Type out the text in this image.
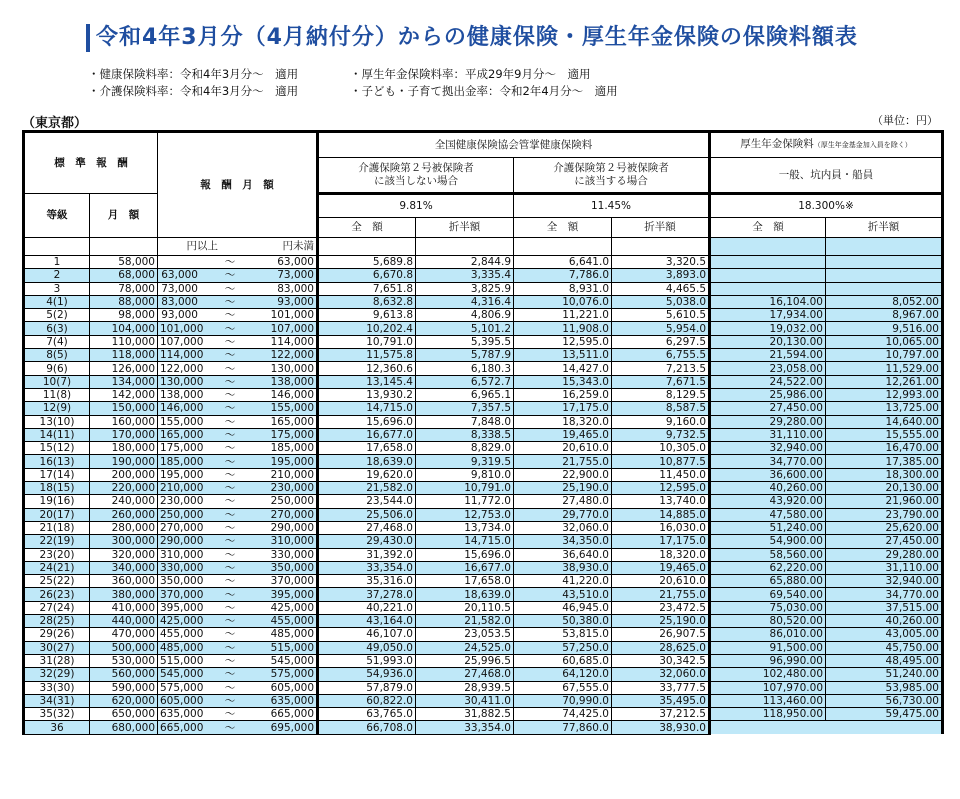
令和4年3月分（4月納付分）からの健康保険・厚生年金保険の保険料額表
・健康保険料率：令和4年3月分～　適用	・厚生年金保険料率：平成29年9月分～　適用
・介護保険料率：令和4年3月分～　適用	・子ども・子育て拠出金率：令和2年4月分～　適用
（東京都）	（単位：円）
標　準　報　酬		報　酬　月　額	全国健康保険協会管掌健康保険料				厚生年金保険料（厚生年金基金加入員を除く）	
			介護保険第２号被保険者
に該当しない場合		介護保険第２号被保険者
に該当する場合		一般、坑内員・船員	
等級	月　額		9.81%		11.45%		18.300%※	
			全　額	折半額	全　額	折半額	全　額	折半額

		円以上 円未満						

1	58,000	～ 63,000	5,689.8	2,844.9	6,641.0	3,320.5		
2	68,000	63,000 ～ 73,000	6,670.8	3,335.4	7,786.0	3,893.0		
3	78,000	73,000 ～ 83,000	7,651.8	3,825.9	8,931.0	4,465.5		
4(1)	88,000	83,000 ～ 93,000	8,632.8	4,316.4	10,076.0	5,038.0	16,104.00	8,052.00
5(2)	98,000	93,000 ～ 101,000	9,613.8	4,806.9	11,221.0	5,610.5	17,934.00	8,967.00
6(3)	104,000	101,000 ～ 107,000	10,202.4	5,101.2	11,908.0	5,954.0	19,032.00	9,516.00
7(4)	110,000	107,000 ～ 114,000	10,791.0	5,395.5	12,595.0	6,297.5	20,130.00	10,065.00
8(5)	118,000	114,000 ～ 122,000	11,575.8	5,787.9	13,511.0	6,755.5	21,594.00	10,797.00
9(6)	126,000	122,000 ～ 130,000	12,360.6	6,180.3	14,427.0	7,213.5	23,058.00	11,529.00
10(7)	134,000	130,000 ～ 138,000	13,145.4	6,572.7	15,343.0	7,671.5	24,522.00	12,261.00
11(8)	142,000	138,000 ～ 146,000	13,930.2	6,965.1	16,259.0	8,129.5	25,986.00	12,993.00
12(9)	150,000	146,000 ～ 155,000	14,715.0	7,357.5	17,175.0	8,587.5	27,450.00	13,725.00
13(10)	160,000	155,000 ～ 165,000	15,696.0	7,848.0	18,320.0	9,160.0	29,280.00	14,640.00
14(11)	170,000	165,000 ～ 175,000	16,677.0	8,338.5	19,465.0	9,732.5	31,110.00	15,555.00
15(12)	180,000	175,000 ～ 185,000	17,658.0	8,829.0	20,610.0	10,305.0	32,940.00	16,470.00
16(13)	190,000	185,000 ～ 195,000	18,639.0	9,319.5	21,755.0	10,877.5	34,770.00	17,385.00
17(14)	200,000	195,000 ～ 210,000	19,620.0	9,810.0	22,900.0	11,450.0	36,600.00	18,300.00
18(15)	220,000	210,000 ～ 230,000	21,582.0	10,791.0	25,190.0	12,595.0	40,260.00	20,130.00
19(16)	240,000	230,000 ～ 250,000	23,544.0	11,772.0	27,480.0	13,740.0	43,920.00	21,960.00
20(17)	260,000	250,000 ～ 270,000	25,506.0	12,753.0	29,770.0	14,885.0	47,580.00	23,790.00
21(18)	280,000	270,000 ～ 290,000	27,468.0	13,734.0	32,060.0	16,030.0	51,240.00	25,620.00
22(19)	300,000	290,000 ～ 310,000	29,430.0	14,715.0	34,350.0	17,175.0	54,900.00	27,450.00
23(20)	320,000	310,000 ～ 330,000	31,392.0	15,696.0	36,640.0	18,320.0	58,560.00	29,280.00
24(21)	340,000	330,000 ～ 350,000	33,354.0	16,677.0	38,930.0	19,465.0	62,220.00	31,110.00
25(22)	360,000	350,000 ～ 370,000	35,316.0	17,658.0	41,220.0	20,610.0	65,880.00	32,940.00
26(23)	380,000	370,000 ～ 395,000	37,278.0	18,639.0	43,510.0	21,755.0	69,540.00	34,770.00
27(24)	410,000	395,000 ～ 425,000	40,221.0	20,110.5	46,945.0	23,472.5	75,030.00	37,515.00
28(25)	440,000	425,000 ～ 455,000	43,164.0	21,582.0	50,380.0	25,190.0	80,520.00	40,260.00
29(26)	470,000	455,000 ～ 485,000	46,107.0	23,053.5	53,815.0	26,907.5	86,010.00	43,005.00
30(27)	500,000	485,000 ～ 515,000	49,050.0	24,525.0	57,250.0	28,625.0	91,500.00	45,750.00
31(28)	530,000	515,000 ～ 545,000	51,993.0	25,996.5	60,685.0	30,342.5	96,990.00	48,495.00
32(29)	560,000	545,000 ～ 575,000	54,936.0	27,468.0	64,120.0	32,060.0	102,480.00	51,240.00
33(30)	590,000	575,000 ～ 605,000	57,879.0	28,939.5	67,555.0	33,777.5	107,970.00	53,985.00
34(31)	620,000	605,000 ～ 635,000	60,822.0	30,411.0	70,990.0	35,495.0	113,460.00	56,730.00
35(32)	650,000	635,000 ～ 665,000	63,765.0	31,882.5	74,425.0	37,212.5	118,950.00	59,475.00
36	680,000	665,000 ～ 695,000	66,708.0	33,354.0	77,860.0	38,930.0		
